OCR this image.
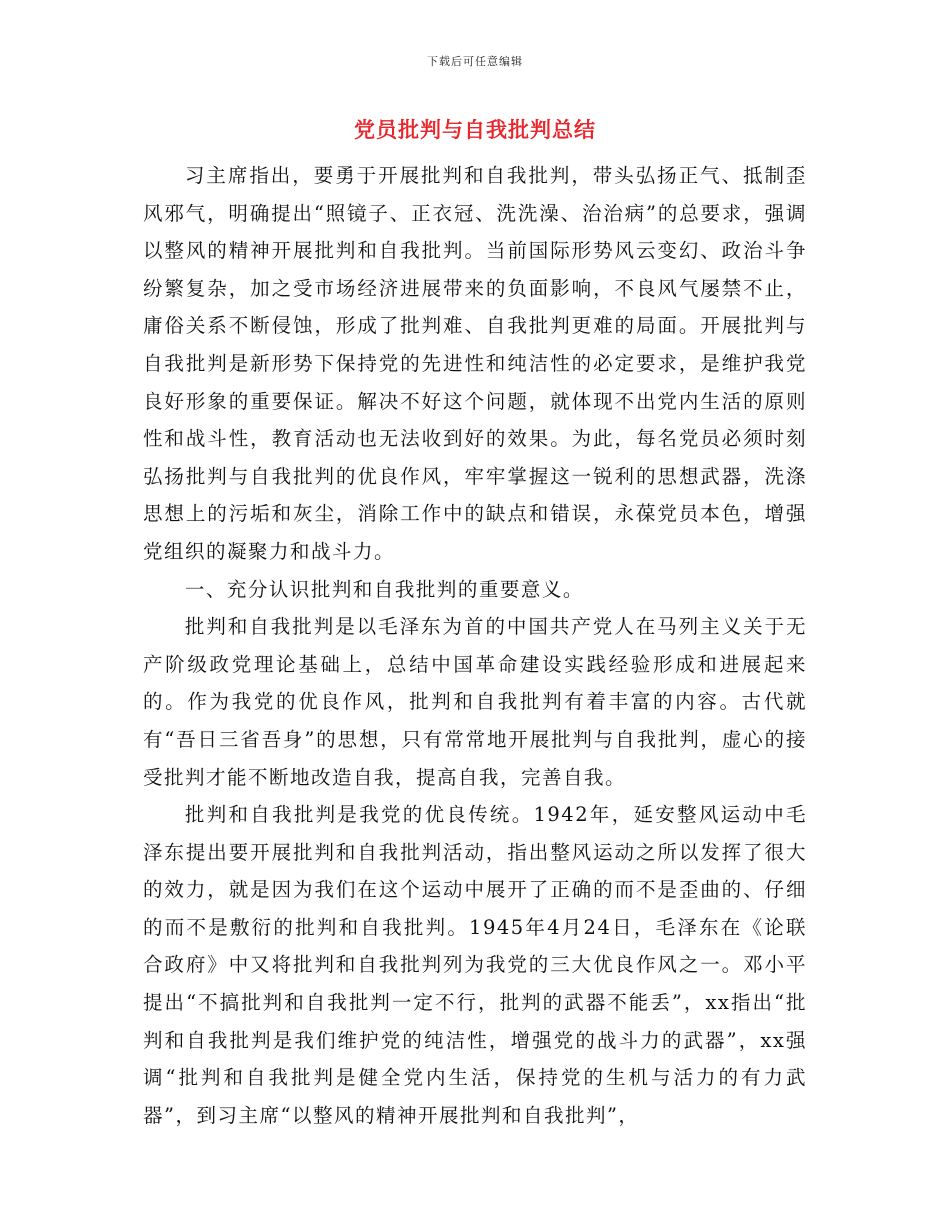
下载后可任意编辑
党员批判与自我批判总结

习主席指出，要勇于开展批判和自我批判，带头弘扬正气、抵制歪风邪气，明确提出“照镜子、正衣冠、洗洗澡、治治病”的总要求，强调以整风的精神开展批判和自我批判。当前国际形势风云变幻、政治斗争纷繁复杂，加之受市场经济进展带来的负面影响，不良风气屡禁不止，庸俗关系不断侵蚀，形成了批判难、自我批判更难的局面。开展批判与自我批判是新形势下保持党的先进性和纯洁性的必定要求，是维护我党良好形象的重要保证。解决不好这个问题，就体现不出党内生活的原则性和战斗性，教育活动也无法收到好的效果。为此，每名党员必须时刻弘扬批判与自我批判的优良作风，牢牢掌握这一锐利的思想武器，洗涤思想上的污垢和灰尘，消除工作中的缺点和错误，永葆党员本色，增强党组织的凝聚力和战斗力。

一、充分认识批判和自我批判的重要意义。

批判和自我批判是以毛泽东为首的中国共产党人在马列主义关于无产阶级政党理论基础上，总结中国革命建设实践经验形成和进展起来的。作为我党的优良作风，批判和自我批判有着丰富的内容。古代就有“吾日三省吾身”的思想，只有常常地开展批判与自我批判，虚心的接受批判才能不断地改造自我，提高自我，完善自我。

批判和自我批判是我党的优良传统。1942年，延安整风运动中毛泽东提出要开展批判和自我批判活动，指出整风运动之所以发挥了很大的效力，就是因为我们在这个运动中展开了正确的而不是歪曲的、仔细的而不是敷衍的批判和自我批判。1945年4月24日，毛泽东在《论联合政府》中又将批判和自我批判列为我党的三大优良作风之一。邓小平提出“不搞批判和自我批判一定不行，批判的武器不能丢”，xx指出“批判和自我批判是我们维护党的纯洁性，增强党的战斗力的武器”，xx强调“批判和自我批判是健全党内生活，保持党的生机与活力的有力武器”，到习主席“以整风的精神开展批判和自我批判”，
